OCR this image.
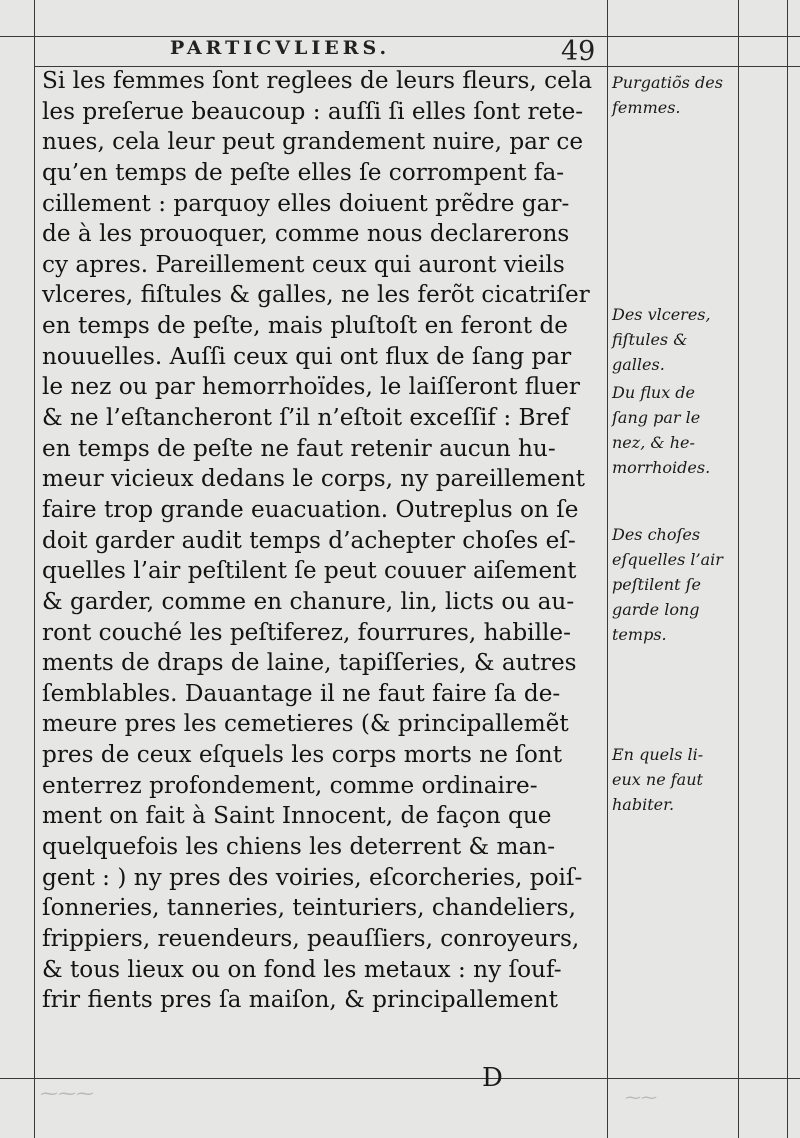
PARTICVLIERS.	49
Si les femmes ſont reglees de leurs fleurs, cela
les preſerue beaucoup : auſſi ſi elles ſont rete-
nues, cela leur peut grandement nuire, par ce
qu’en temps de peſte elles ſe corrompent fa-
cillement : parquoy elles doiuent prẽdre gar-
de à les prouoquer, comme nous declarerons
cy apres. Pareillement ceux qui auront vieils
vlceres, fiſtules & galles, ne les ferõt cicatriſer
en temps de peſte, mais pluſtoſt en feront de
nouuelles. Auſſi ceux qui ont flux de ſang par
le nez ou par hemorrhoïdes, le laiſſeront fluer
& ne l’eſtancheront ſ’il n’eſtoit exceſſif : Bref
en temps de peſte ne faut retenir aucun hu-
meur vicieux dedans le corps, ny pareillement
faire trop grande euacuation. Outreplus on ſe
doit garder audit temps d’achepter choſes eſ-
quelles l’air peſtilent ſe peut couuer aiſement
& garder, comme en chanure, lin, licts ou au-
ront couché les peſtiferez, fourrures, habille-
ments de draps de laine, tapiſſeries, & autres
ſemblables. Dauantage il ne faut faire ſa de-
meure pres les cemetieres (& principallemẽt
pres de ceux eſquels les corps morts ne ſont
enterrez profondement, comme ordinaire-
ment on fait à Saint Innocent, de façon que
quelquefois les chiens les deterrent & man-
gent : ) ny pres des voiries, eſcorcheries, poiſ-
ſonneries, tanneries, teinturiers, chandeliers,
frippiers, reuendeurs, peauſſiers, conroyeurs,
& tous lieux ou on fond les metaux : ny ſouf-
frir fients pres ſa maiſon, & principallement
Purgatiõs des
femmes.
Des vlceres,
fiſtules &
galles.
Du flux de
ſang par le
nez, & he-
morrhoides.
Des choſes
eſquelles l’air
peſtilent ſe
garde long
temps.
En quels li-
eux ne faut
habiter.
D
⁓⁓⁓	⁓⁓
